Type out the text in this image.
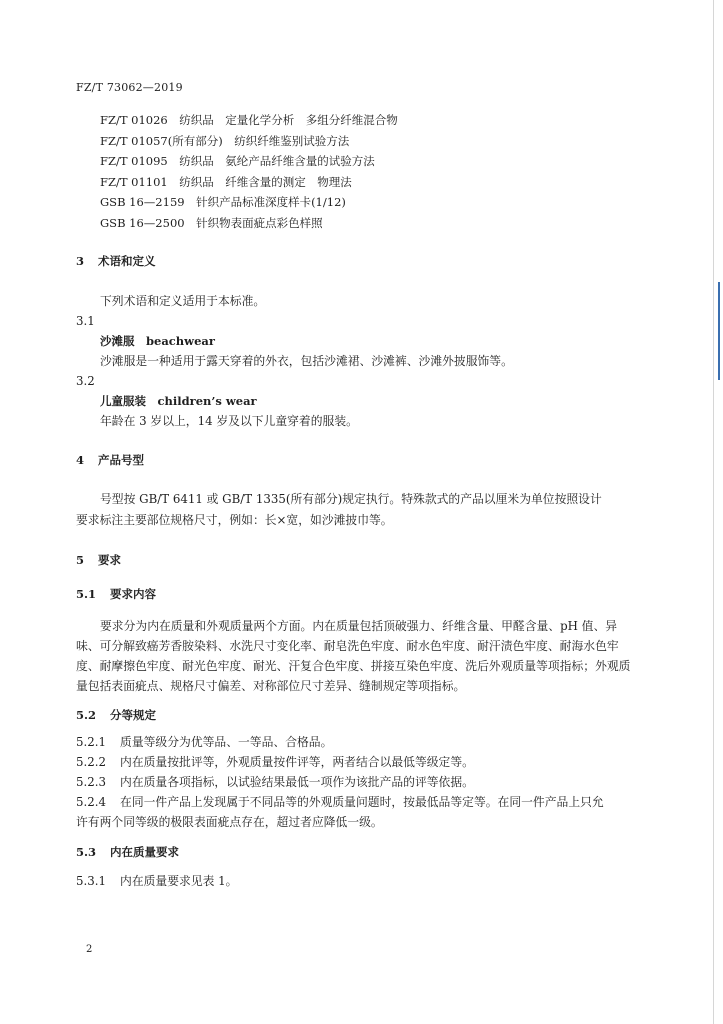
FZ/T 73062—2019
FZ/T 01026　纺织品　定量化学分析　多组分纤维混合物
FZ/T 01057(所有部分)　纺织纤维鉴别试验方法
FZ/T 01095　纺织品　氨纶产品纤维含量的试验方法
FZ/T 01101　纺织品　纤维含量的测定　物理法
GSB 16—2159　针织产品标准深度样卡(1/12)
GSB 16—2500　针织物表面疵点彩色样照
3 术语和定义
下列术语和定义适用于本标准。
3.1
沙滩服　beachwear
沙滩服是一种适用于露天穿着的外衣，包括沙滩裙、沙滩裤、沙滩外披服饰等。
3.2
儿童服装　children’s wear
年龄在 3 岁以上，14 岁及以下儿童穿着的服装。
4 产品号型
号型按 GB/T 6411 或 GB/T 1335(所有部分)规定执行。特殊款式的产品以厘米为单位按照设计
要求标注主要部位规格尺寸，例如：长×宽，如沙滩披巾等。
5 要求
5.1 要求内容
要求分为内在质量和外观质量两个方面。内在质量包括顶破强力、纤维含量、甲醛含量、pH 值、异
味、可分解致癌芳香胺染料、水洗尺寸变化率、耐皂洗色牢度、耐水色牢度、耐汗渍色牢度、耐海水色牢
度、耐摩擦色牢度、耐光色牢度、耐光、汗复合色牢度、拼接互染色牢度、洗后外观质量等项指标；外观质
量包括表面疵点、规格尺寸偏差、对称部位尺寸差异、缝制规定等项指标。
5.2 分等规定
5.2.1 质量等级分为优等品、一等品、合格品。
5.2.2 内在质量按批评等，外观质量按件评等，两者结合以最低等级定等。
5.2.3 内在质量各项指标，以试验结果最低一项作为该批产品的评等依据。
5.2.4 在同一件产品上发现属于不同品等的外观质量问题时，按最低品等定等。在同一件产品上只允
许有两个同等级的极限表面疵点存在，超过者应降低一级。
5.3 内在质量要求
5.3.1 内在质量要求见表 1。
2
